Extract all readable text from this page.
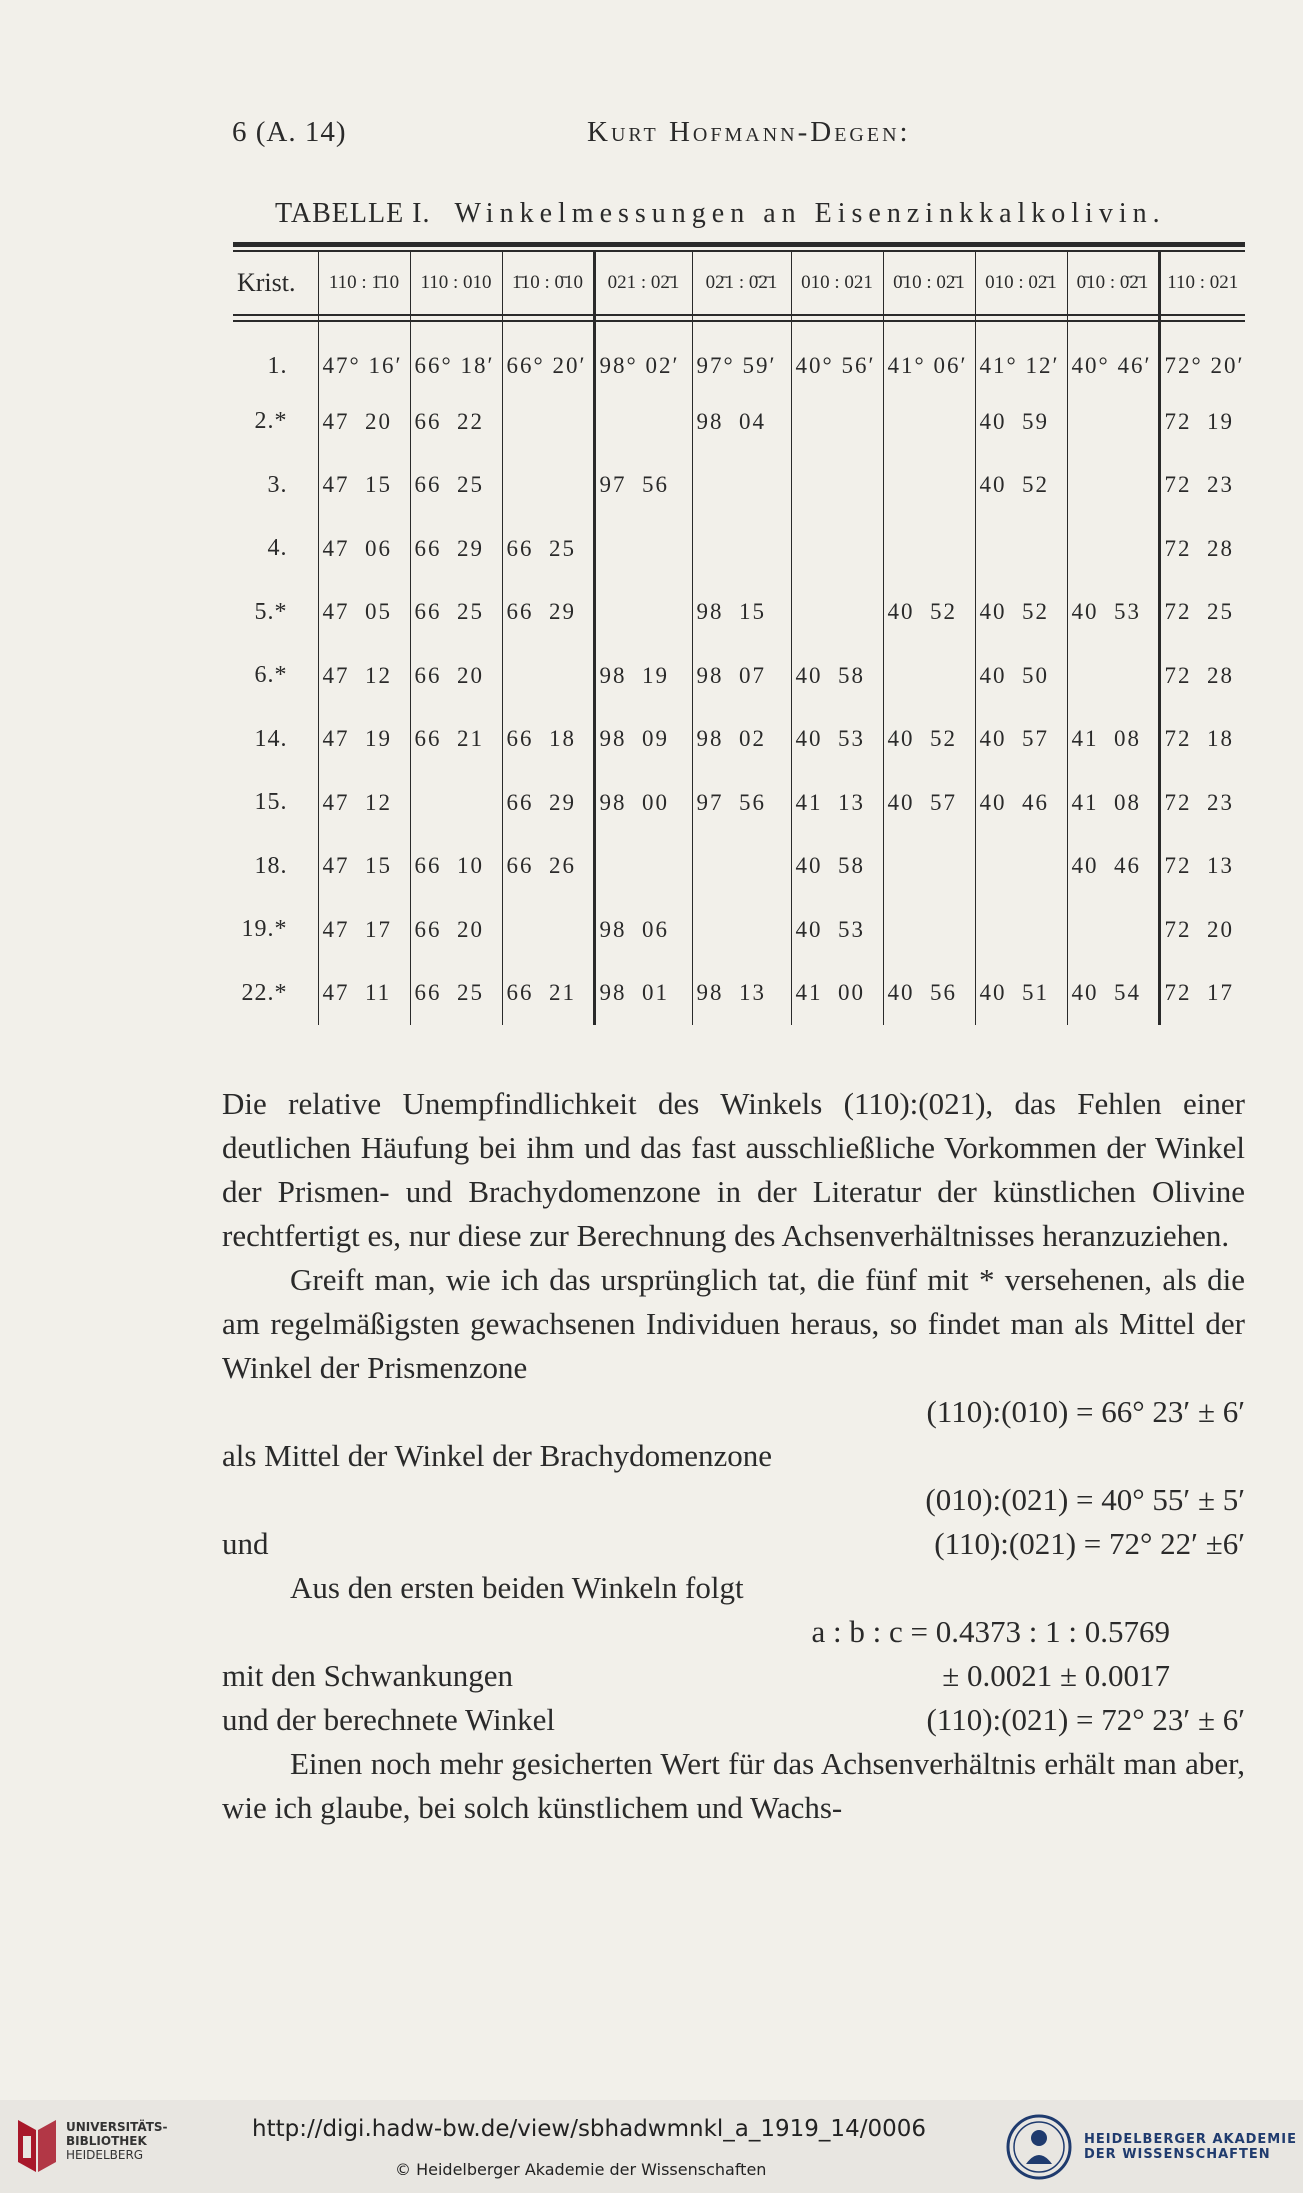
6 (A. 14)	Kurt Hofmann-Degen:
TABELLE I. Winkelmessungen an Eisenzinkkalkolivin.
Krist.	110 : 1̄10	110 : 010	1̄10 : 0̄10	021 : 02̄1	02̄1 : 0̄2̄1	010 : 021	0̄10 : 02̄1	010 : 02̄1	0̄10 : 0̄2̄1	110 : 021

1.	47° 16′	66° 18′	66° 20′	98° 02′	97° 59′	40° 56′	41° 06′	41° 12′	40° 46′	72° 20′
2.*	47  20	66  22			98  04			40  59		72  19
3.	47  15	66  25		97  56				40  52		72  23
4.	47  06	66  29	66  25							72  28
5.*	47  05	66  25	66  29		98  15		40  52	40  52	40  53	72  25
6.*	47  12	66  20		98  19	98  07	40  58		40  50		72  28
14.	47  19	66  21	66  18	98  09	98  02	40  53	40  52	40  57	41  08	72  18
15.	47  12		66  29	98  00	97  56	41  13	40  57	40  46	41  08	72  23
18.	47  15	66  10	66  26			40  58			40  46	72  13
19.*	47  17	66  20		98  06		40  53				72  20
22.*	47  11	66  25	66  21	98  01	98  13	41  00	40  56	40  51	40  54	72  17

Die relative Unempfindlichkeit des Winkels (110):(021), das Fehlen einer deutlichen Häufung bei ihm und das fast ausschließliche Vorkommen der Winkel der Prismen- und Brachydomenzone in der Literatur der künstlichen Olivine rechtfertigt es, nur diese zur Berechnung des Achsenverhältnisses heranzuziehen.

Greift man, wie ich das ursprünglich tat, die fünf mit * versehenen, als die am regelmäßigsten gewachsenen Individuen heraus, so findet man als Mittel der Winkel der Prismenzone

(110):(010) = 66° 23′ ± 6′
als Mittel der Winkel der Brachydomenzone
(010):(021) = 40° 55′ ± 5′
und	(110):(021) = 72° 22′ ±6′
Aus den ersten beiden Winkeln folgt
a : b : c = 0.4373 : 1 : 0.5769
mit den Schwankungen	± 0.0021 ± 0.0017
und der berechnete Winkel	(110):(021) = 72° 23′ ± 6′

Einen noch mehr gesicherten Wert für das Achsenverhältnis erhält man aber, wie ich glaube, bei solch künstlichem und Wachs-

UNIVERSITÄTS-
BIBLIOTHEK
HEIDELBERG
http://digi.hadw-bw.de/view/sbhadwmnkl_a_1919_14/0006
© Heidelberger Akademie der Wissenschaften
HEIDELBERGER AKADEMIE
DER WISSENSCHAFTEN
